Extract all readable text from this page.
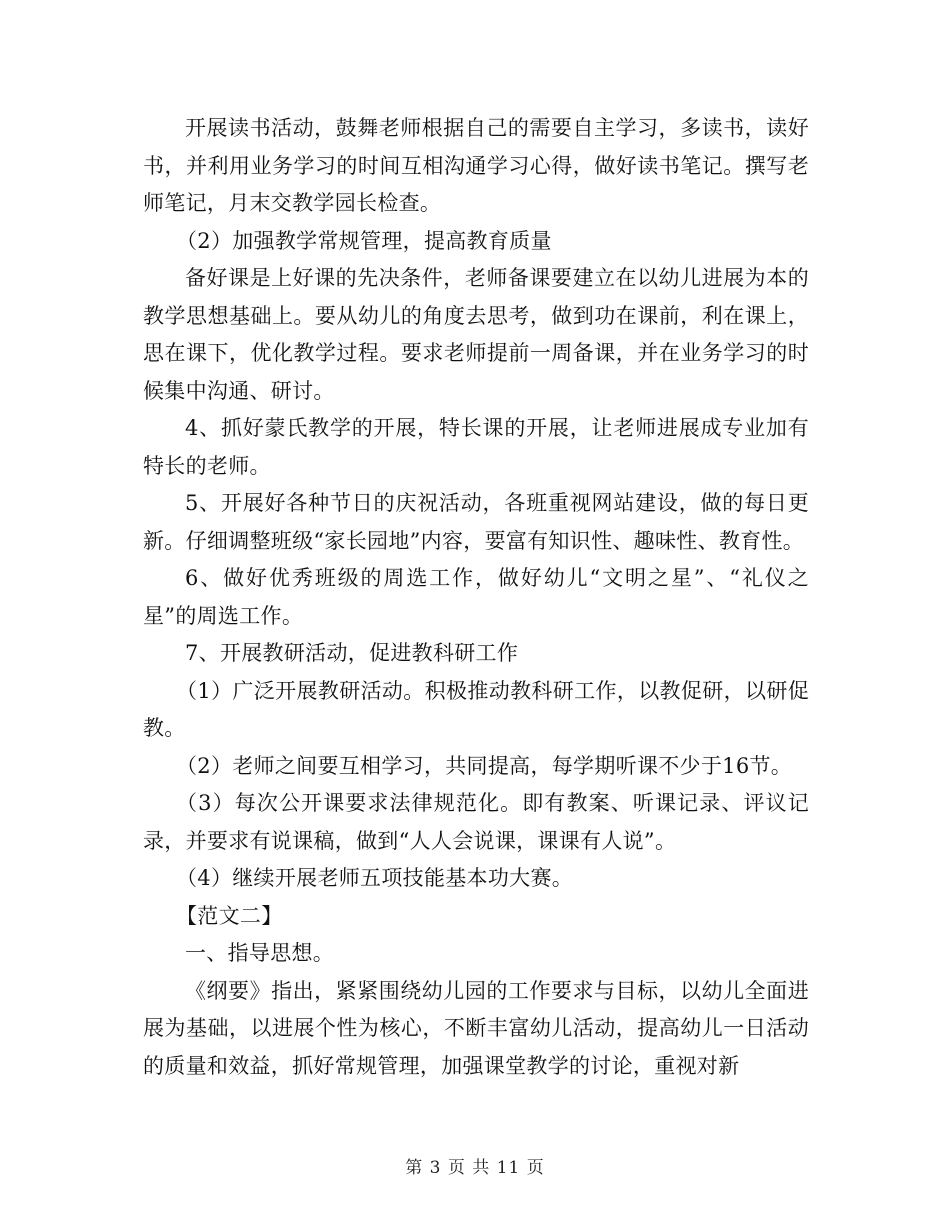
开展读书活动，鼓舞老师根据自己的需要自主学习，多读书，读好书，并利用业务学习的时间互相沟通学习心得，做好读书笔记。撰写老师笔记，月末交教学园长检查。

（2）加强教学常规管理，提高教育质量

备好课是上好课的先决条件，老师备课要建立在以幼儿进展为本的教学思想基础上。要从幼儿的角度去思考，做到功在课前，利在课上，思在课下，优化教学过程。要求老师提前一周备课，并在业务学习的时候集中沟通、研讨。

4、抓好蒙氏教学的开展，特长课的开展，让老师进展成专业加有特长的老师。

5、开展好各种节日的庆祝活动，各班重视网站建设，做的每日更新。仔细调整班级“家长园地”内容，要富有知识性、趣味性、教育性。

6、做好优秀班级的周选工作，做好幼儿“文明之星”、“礼仪之星”的周选工作。

7、开展教研活动，促进教科研工作

（1）广泛开展教研活动。积极推动教科研工作，以教促研，以研促教。

（2）老师之间要互相学习，共同提高，每学期听课不少于16节。

（3）每次公开课要求法律规范化。即有教案、听课记录、评议记录，并要求有说课稿，做到“人人会说课，课课有人说”。

（4）继续开展老师五项技能基本功大赛。

【范文二】

一、指导思想。

《纲要》指出，紧紧围绕幼儿园的工作要求与目标，以幼儿全面进展为基础，以进展个性为核心，不断丰富幼儿活动，提高幼儿一日活动的质量和效益，抓好常规管理，加强课堂教学的讨论，重视对新

第 3 页 共 11 页
